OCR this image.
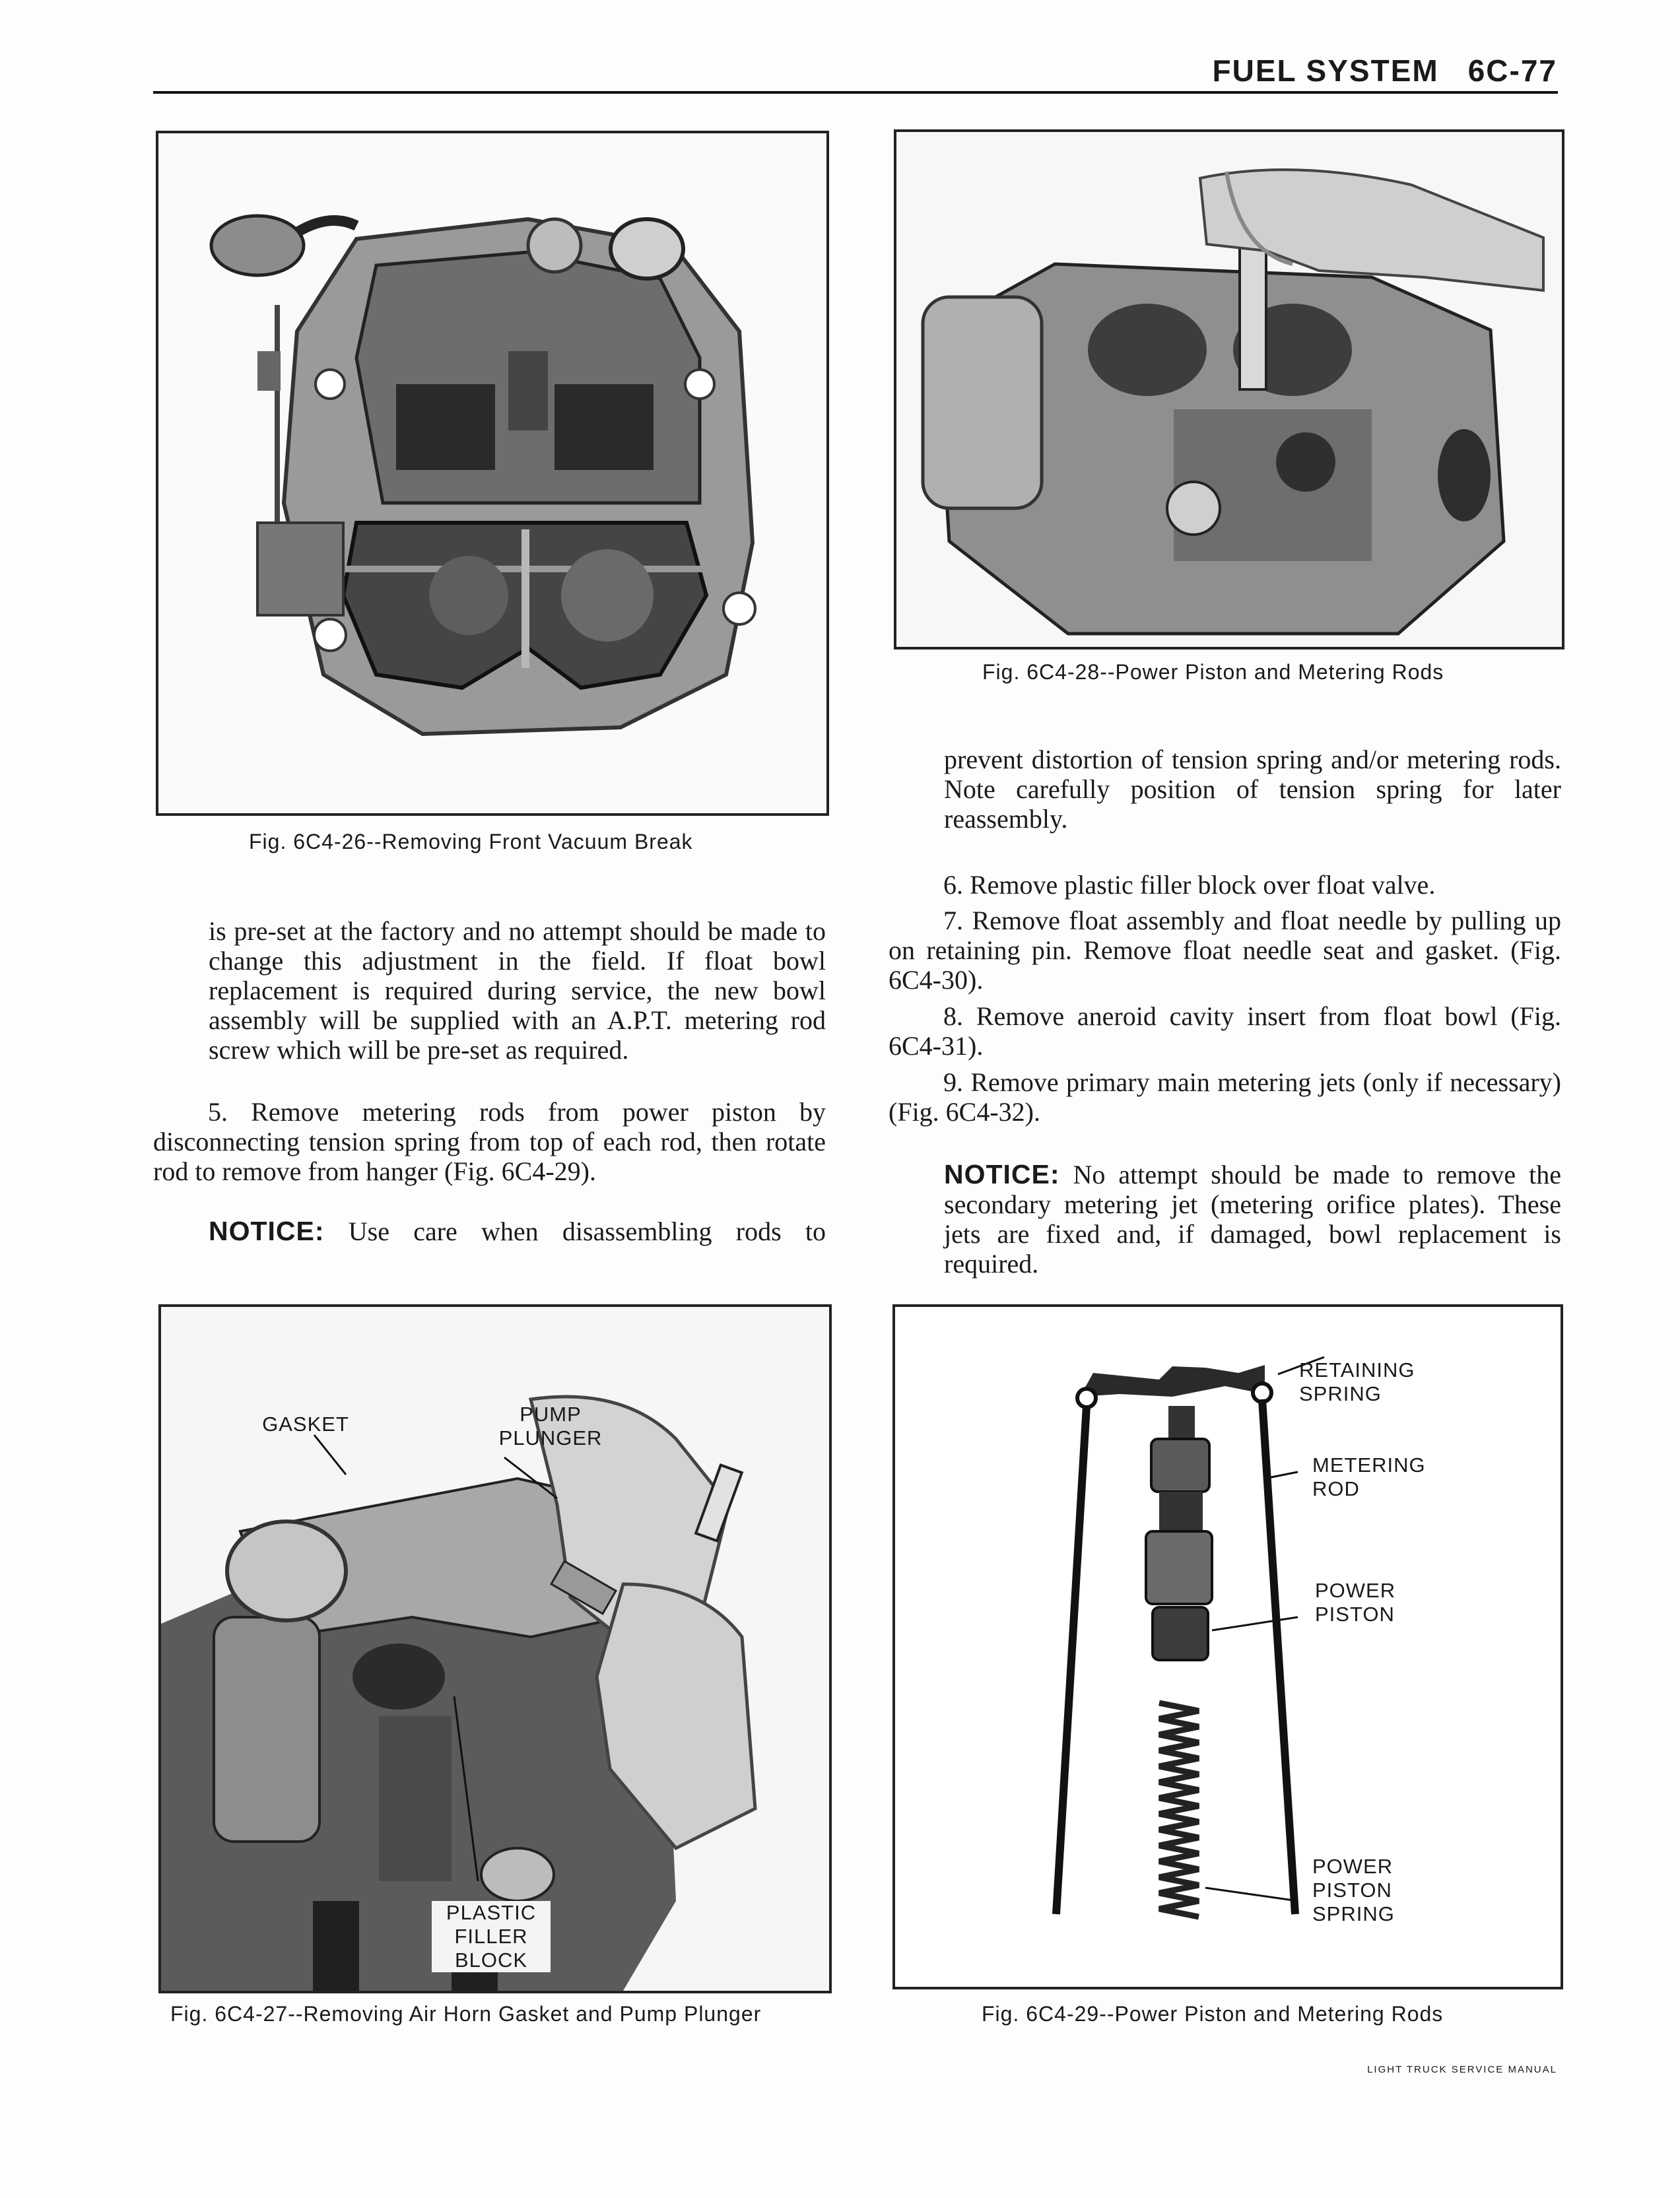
FUEL SYSTEM 6C-77
Fig. 6C4-26--Removing Front Vacuum Break
Fig. 6C4-28--Power Piston and Metering Rods

prevent distortion of tension spring and/or metering rods. Note carefully position of tension spring for later reassembly.

6. Remove plastic filler block over float valve.

7. Remove float assembly and float needle by pulling up on retaining pin. Remove float needle seat and gasket. (Fig. 6C4-30).

8. Remove aneroid cavity insert from float bowl (Fig. 6C4-31).

9. Remove primary main metering jets (only if necessary) (Fig. 6C4-32).

NOTICE: No attempt should be made to remove the secondary metering jet (metering orifice plates). These jets are fixed and, if damaged, bowl replacement is required.

is pre-set at the factory and no attempt should be made to change this adjustment in the field. If float bowl replacement is required during service, the new bowl assembly will be supplied with an A.P.T. metering rod screw which will be pre-set as required.

5. Remove metering rods from power piston by disconnecting tension spring from top of each rod, then rotate rod to remove from hanger (Fig. 6C4-29).

NOTICE: Use care when disassembling rods to

GASKET	PUMP
PLUNGER
PLASTIC
FILLER
BLOCK
Fig. 6C4-27--Removing Air Horn Gasket and Pump Plunger
RETAINING
SPRING
METERING
ROD
POWER
PISTON
POWER
PISTON
SPRING
Fig. 6C4-29--Power Piston and Metering Rods
LIGHT TRUCK SERVICE MANUAL
